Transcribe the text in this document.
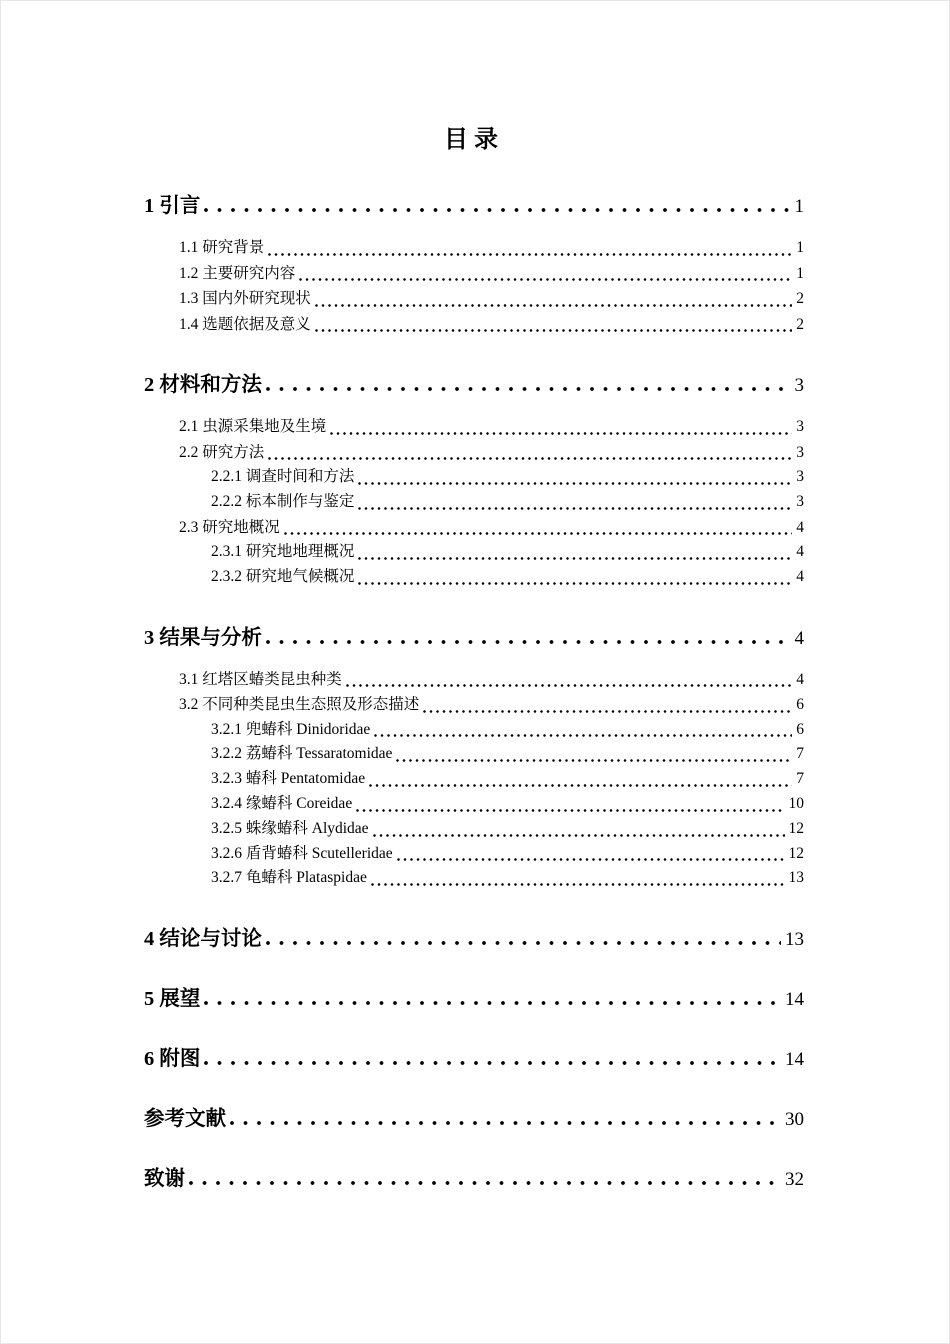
目录
1 引言	1
1.1 研究背景	1
1.2 主要研究内容	1
1.3 国内外研究现状	2
1.4 选题依据及意义	2
2 材料和方法	3
2.1 虫源采集地及生境	3
2.2 研究方法	3
2.2.1 调查时间和方法	3
2.2.2 标本制作与鉴定	3
2.3 研究地概况	4
2.3.1 研究地地理概况	4
2.3.2 研究地气候概况	4
3 结果与分析	4
3.1 红塔区蝽类昆虫种类	4
3.2 不同种类昆虫生态照及形态描述	6
3.2.1 兜蝽科 Dinidoridae	6
3.2.2 荔蝽科 Tessaratomidae	7
3.2.3 蝽科 Pentatomidae	7
3.2.4 缘蝽科 Coreidae	10
3.2.5 蛛缘蝽科 Alydidae	12
3.2.6 盾背蝽科 Scutelleridae	12
3.2.7 龟蝽科 Plataspidae	13
4 结论与讨论	13
5 展望	14
6 附图	14
参考文献	30
致谢	32
